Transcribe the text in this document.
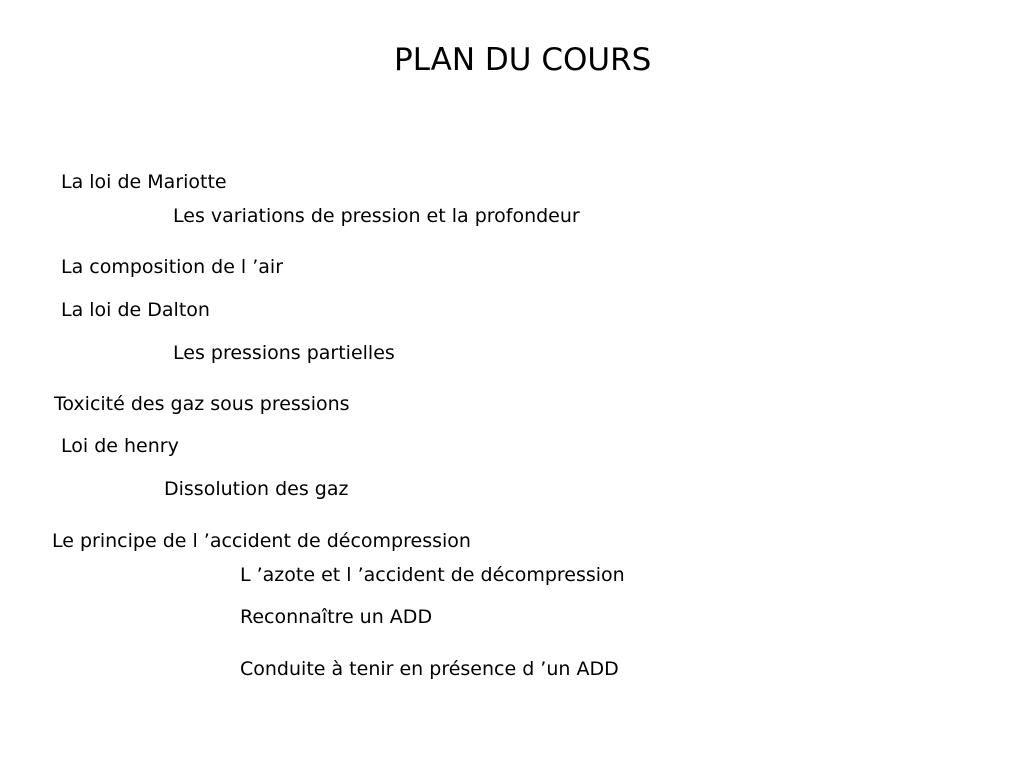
PLAN DU COURS
La loi de Mariotte
Les variations de pression et la profondeur
La composition de l ’air
La loi de Dalton
Les pressions partielles
Toxicité des gaz sous pressions
Loi de henry
Dissolution des gaz
Le principe de l ’accident de décompression
L ’azote et l ’accident de décompression
Reconnaître un ADD
Conduite à tenir en présence d ’un ADD
